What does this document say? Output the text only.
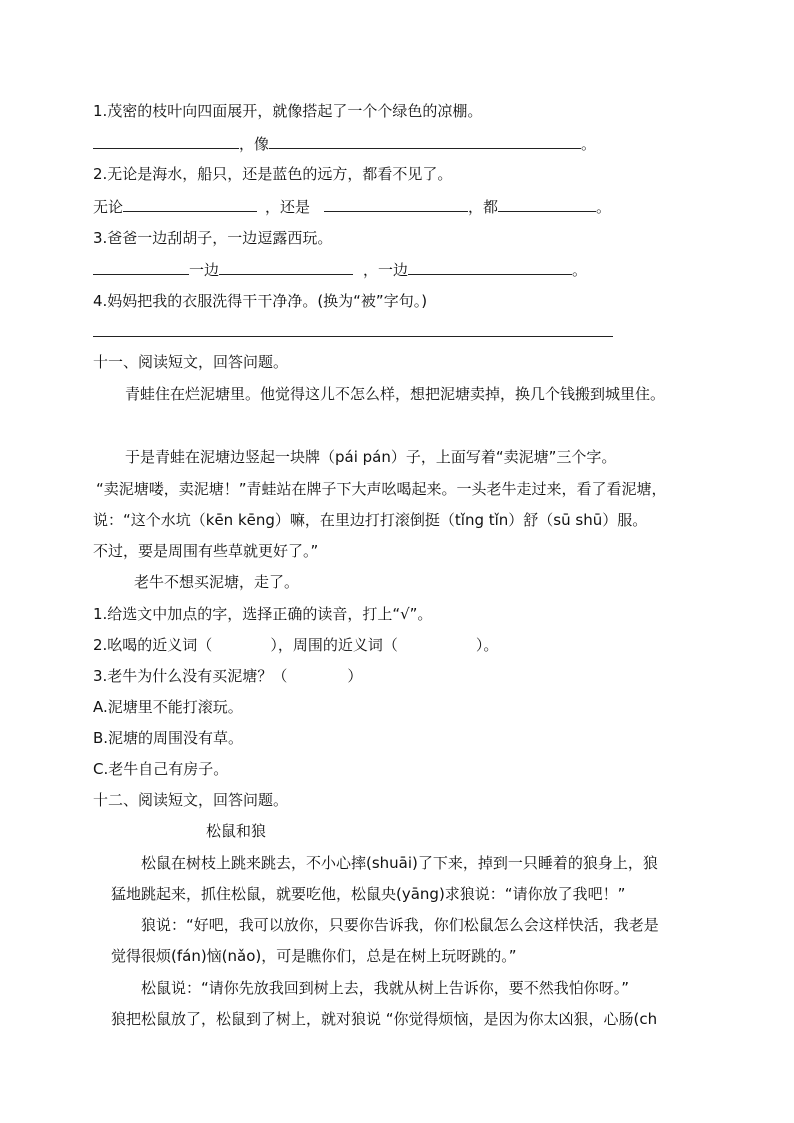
1.茂密的枝叶向四面展开，就像搭起了一个个绿色的凉棚。
，像	。
2.无论是海水，船只，还是蓝色的远方，都看不见了。
无论	，还是	，都	。
3.爸爸一边刮胡子，一边逗露西玩。
一边	，一边	。
4.妈妈把我的衣服洗得干干净净。(换为“被”字句。)
十一、阅读短文，回答问题。
青蛙住在烂泥塘里。他觉得这儿不怎么样，想把泥塘卖掉，换几个钱搬到城里住。
于是青蛙在泥塘边竖起一块牌（pái pán）子，上面写着“卖泥塘”三个字。
“卖泥塘喽，卖泥塘！”青蛙站在牌子下大声吆喝起来。一头老牛走过来，看了看泥塘，
说：“这个水坑（kēn kēng）嘛，在里边打打滚倒挺（tǐng tǐn）舒（sū shū）服。
不过，要是周围有些草就更好了。”
老牛不想买泥塘，走了。
1.给选文中加点的字，选择正确的读音，打上“√”。
2.吆喝的近义词（	），周围的近义词（	）。
3.老牛为什么没有买泥塘？（	）
A.泥塘里不能打滚玩。
B.泥塘的周围没有草。
C.老牛自己有房子。
十二、阅读短文，回答问题。
松鼠和狼
松鼠在树枝上跳来跳去，不小心摔(shuāi)了下来，掉到一只睡着的狼身上，狼
猛地跳起来，抓住松鼠，就要吃他，松鼠央(yāng)求狼说：“请你放了我吧！”
狼说：“好吧，我可以放你，只要你告诉我，你们松鼠怎么会这样快活，我老是
觉得很烦(fán)恼(nǎo)，可是瞧你们，总是在树上玩呀跳的。”
松鼠说：“请你先放我回到树上去，我就从树上告诉你，要不然我怕你呀。”
狼把松鼠放了，松鼠到了树上，就对狼说 “你觉得烦恼，是因为你太凶狠，心肠(ch
